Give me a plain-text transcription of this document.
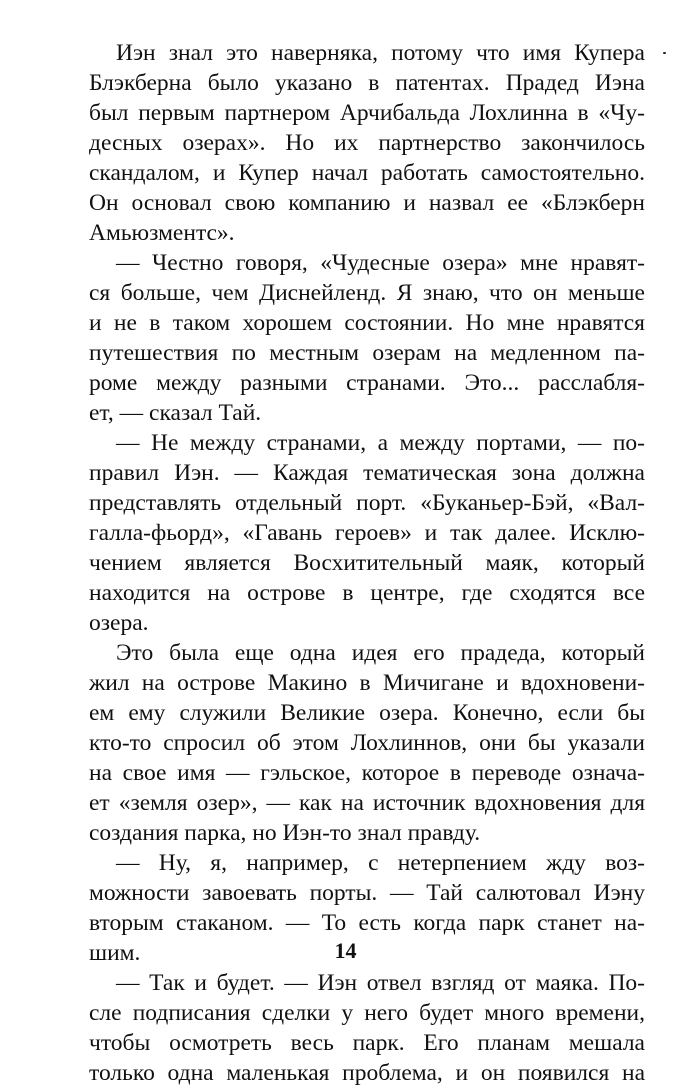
Иэн знал это наверняка, потому что имя Купера
Блэкберна было указано в патентах. Прадед Иэна
был первым партнером Арчибальда Лохлинна в «Чу-
десных озерах». Но их партнерство закончилось
скандалом, и Купер начал работать самостоятельно.
Он основал свою компанию и назвал ее «Блэкберн
Амьюзментс».
— Честно говоря, «Чудесные озера» мне нравят-
ся больше, чем Диснейленд. Я знаю, что он меньше
и не в таком хорошем состоянии. Но мне нравятся
путешествия по местным озерам на медленном па-
роме между разными странами. Это... расслабля-
ет, — сказал Тай.
— Не между странами, а между портами, — по-
правил Иэн. — Каждая тематическая зона должна
представлять отдельный порт. «Буканьер-Бэй, «Вал-
галла-фьорд», «Гавань героев» и так далее. Исклю-
чением является Восхитительный маяк, который
находится на острове в центре, где сходятся все
озера.
Это была еще одна идея его прадеда, который
жил на острове Макино в Мичигане и вдохновени-
ем ему служили Великие озера. Конечно, если бы
кто-то спросил об этом Лохлиннов, они бы указали
на свое имя — гэльское, которое в переводе означа-
ет «земля озер», — как на источник вдохновения для
создания парка, но Иэн-то знал правду.
— Ну, я, например, с нетерпением жду воз-
можности завоевать порты. — Тай салютовал Иэну
вторым стаканом. — То есть когда парк станет на-
шим.
— Так и будет. — Иэн отвел взгляд от маяка. По-
сле подписания сделки у него будет много времени,
чтобы осмотреть весь парк. Его планам мешала
только одна маленькая проблема, и он появился на
14
